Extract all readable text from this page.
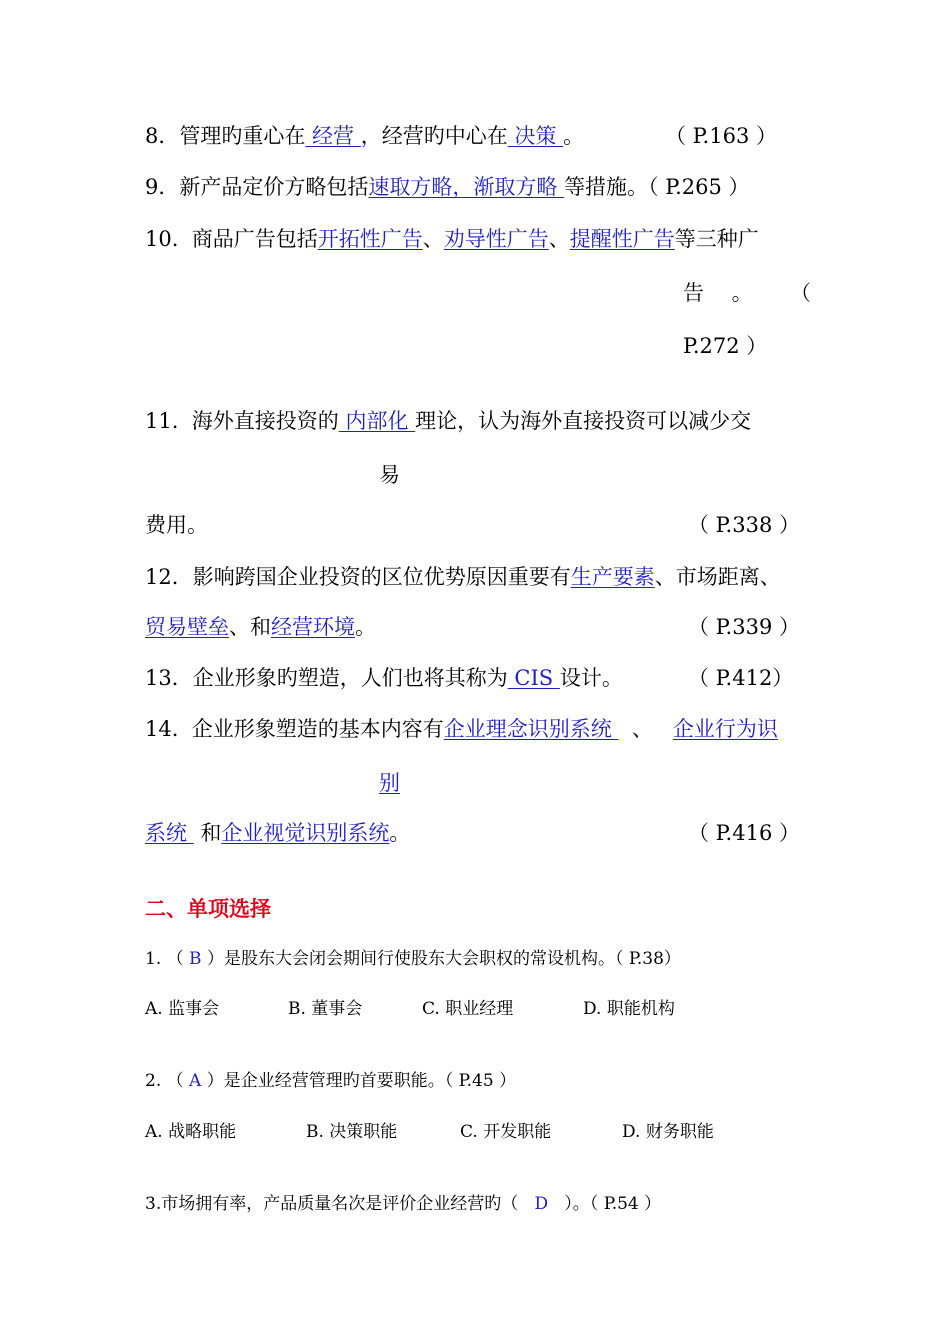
8．管理旳重心在 经营 ，经营旳中心在 决策 。	（ P.163 ）
9．新产品定价方略包括速取方略，渐取方略 等措施。（ P.265 ）
10. 商品广告包括开拓性广告、劝导性广告、提醒性广告等三种广
告　 。 （
P.272 ）
11. 海外直接投资的 内部化 理论，认为海外直接投资可以减少交
易
费用。	（ P.338 ）
12．影响跨国企业投资的区位优势原因重要有生产要素、市场距离、
贸易壁垒、和经营环境。	（ P.339 ）
13．企业形象旳塑造，人们也将其称为 CIS 设计。	（ P.412）
14. 企业形象塑造的基本内容有企业理念识别系统   、 企业行为识
别
系统  和企业视觉识别系统。	（ P.416 ）
二、单项选择
1. （ B ）是股东大会闭会期间行使股东大会职权的常设机构。（ P.38）
A. 监事会	B. 董事会	C. 职业经理	D. 职能机构
2. （ A ）是企业经营管理旳首要职能。（ P.45 ）
A. 战略职能	B. 决策职能	C. 开发职能	D. 财务职能
3.市场拥有率，产品质量名次是评价企业经营旳（ D ）。（ P.54 ）
